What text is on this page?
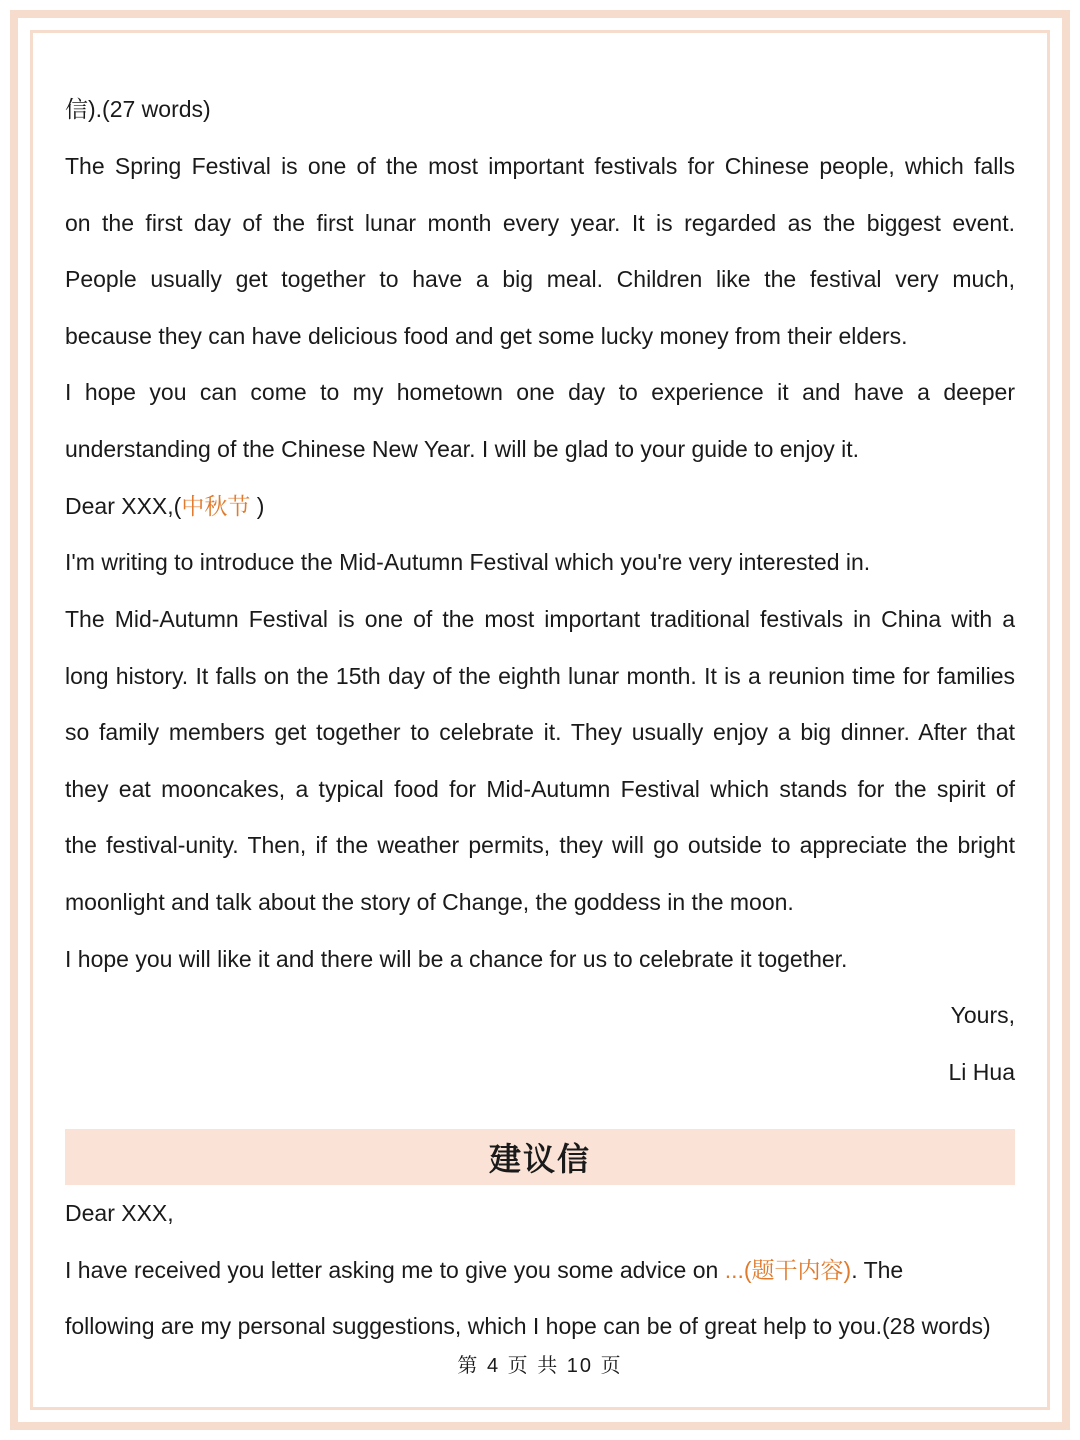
信).(27 words)
The Spring Festival is one of the most important festivals for Chinese people, which falls
on the first day of the first lunar month every year. It is regarded as the biggest event.
People usually get together to have a big meal. Children like the festival very much,
because they can have delicious food and get some lucky money from their elders.
I hope you can come to my hometown one day to experience it and have a deeper
understanding of the Chinese New Year. I will be glad to your guide to enjoy it.
Dear XXX,(中秋节 )
I'm writing to introduce the Mid-Autumn Festival which you're very interested in.
The Mid-Autumn Festival is one of the most important traditional festivals in China with a
long history. It falls on the 15th day of the eighth lunar month. It is a reunion time for families
so family members get together to celebrate it. They usually enjoy a big dinner. After that
they eat mooncakes, a typical food for Mid-Autumn Festival which stands for the spirit of
the festival-unity. Then, if the weather permits, they will go outside to appreciate the bright
moonlight and talk about the story of Change, the goddess in the moon.
I hope you will like it and there will be a chance for us to celebrate it together.
Yours,
Li Hua
建议信
Dear XXX,
I have received you letter asking me to give you some advice on ...(题干内容). The
following are my personal suggestions, which I hope can be of great help to you.(28 words)
第 4 页 共 10 页
